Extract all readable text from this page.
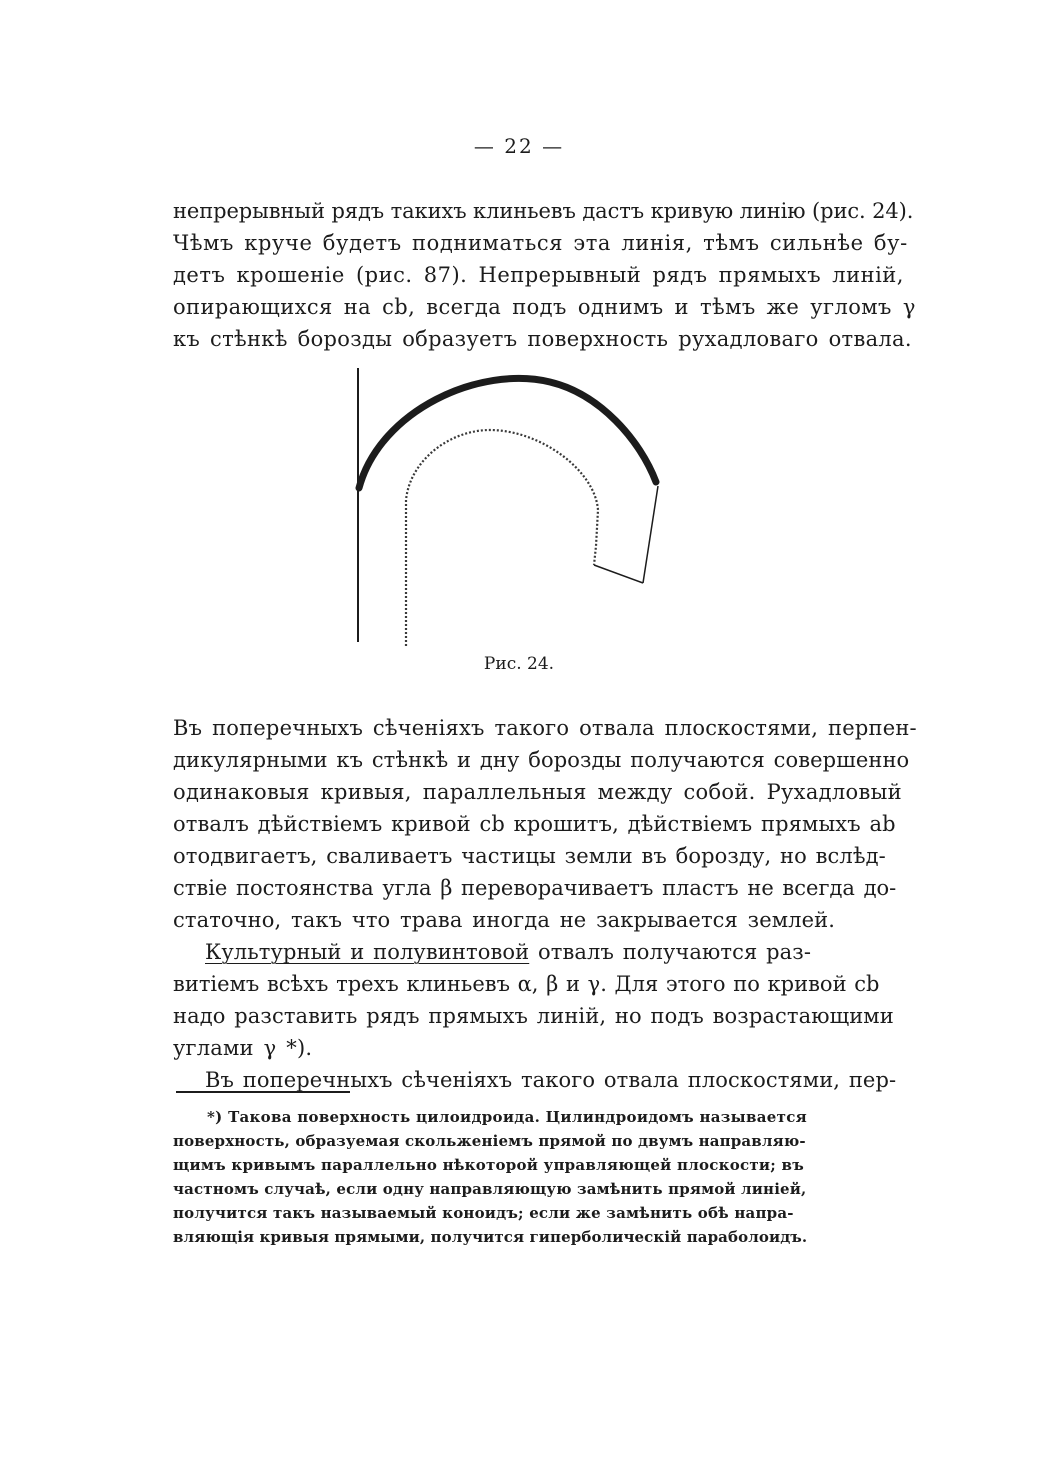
— 22 —
непрерывный рядъ такихъ клиньевъ дастъ кривую линію (рис. 24).
Чѣмъ круче будетъ подниматься эта линія, тѣмъ сильнѣе бу-
детъ крошеніе (рис. 87). Непрерывный рядъ прямыхъ линій,
опирающихся на cb, всегда подъ однимъ и тѣмъ же угломъ γ
къ стѣнкѣ борозды образуетъ поверхность рухадловаго отвала.
Рис. 24.
Въ поперечныхъ сѣченіяхъ такого отвала плоскостями, перпен-
дикулярными къ стѣнкѣ и дну борозды получаются совершенно
одинаковыя кривыя, параллельныя между собой. Рухадловый
отвалъ дѣйствіемъ кривой cb крошитъ, дѣйствіемъ прямыхъ ab
отодвигаетъ, сваливаетъ частицы земли въ борозду, но вслѣд-
ствіе постоянства угла β переворачиваетъ пластъ не всегда до-
статочно, такъ что трава иногда не закрывается землей.
Культурный и полувинтовой отвалъ получаются раз-
витіемъ всѣхъ трехъ клиньевъ α, β и γ. Для этого по кривой cb
надо разставить рядъ прямыхъ линій, но подъ возрастающими
углами γ *).
Въ поперечныхъ сѣченіяхъ такого отвала плоскостями, пер-
*) Такова поверхность цилоидроида. Цилиндроидомъ называется
поверхность, образуемая скольженіемъ прямой по двумъ направляю-
щимъ кривымъ параллельно нѣкоторой управляющей плоскости; въ
частномъ случаѣ, если одну направляющую замѣнить прямой линіей,
получится такъ называемый коноидъ; если же замѣнить обѣ напра-
вляющія кривыя прямыми, получится гиперболическій параболоидъ.
